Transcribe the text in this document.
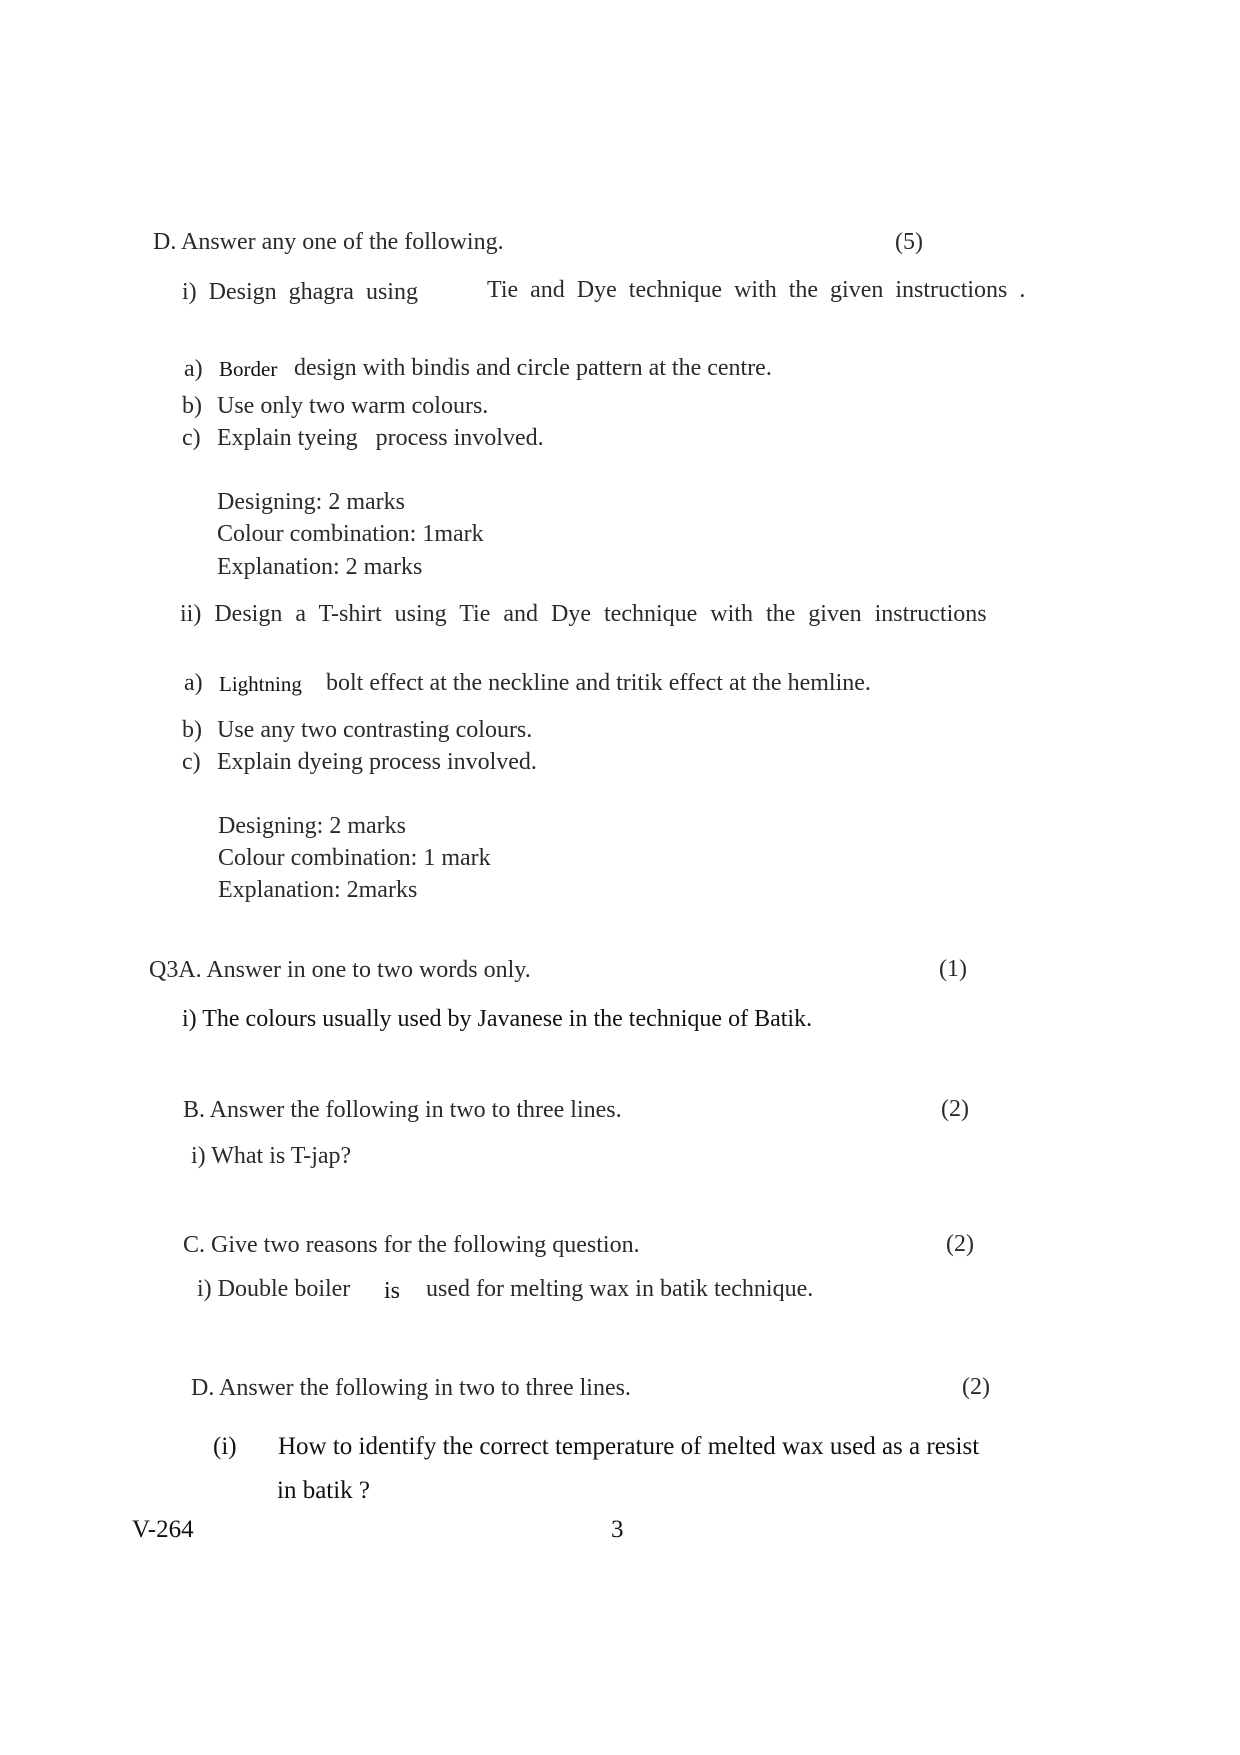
D. Answer any one of the following.	(5)
i) Design ghagra using	Tie and Dye technique with the given instructions .
a) Border design with bindis and circle pattern at the centre.
b) Use only two warm colours.
c) Explain tyeing   process involved.
Designing: 2 marks
Colour combination: 1mark
Explanation: 2 marks
ii) Design a T-shirt using Tie and Dye technique with the given instructions
a) Lightning bolt effect at the neckline and tritik effect at the hemline.
b) Use any two contrasting colours.
c) Explain dyeing process involved.
Designing: 2 marks
Colour combination: 1 mark
Explanation: 2marks
Q3A. Answer in one to two words only.	(1)
i) The colours usually used by Javanese in the technique of Batik.
B. Answer the following in two to three lines.	(2)
i) What is T-jap?
C. Give two reasons for the following question.	(2)
i) Double boiler is used for melting wax in batik technique.
D. Answer the following in two to three lines.	(2)
(i) How to identify the correct temperature of melted wax used as a resist
in batik ?
V-264	3
